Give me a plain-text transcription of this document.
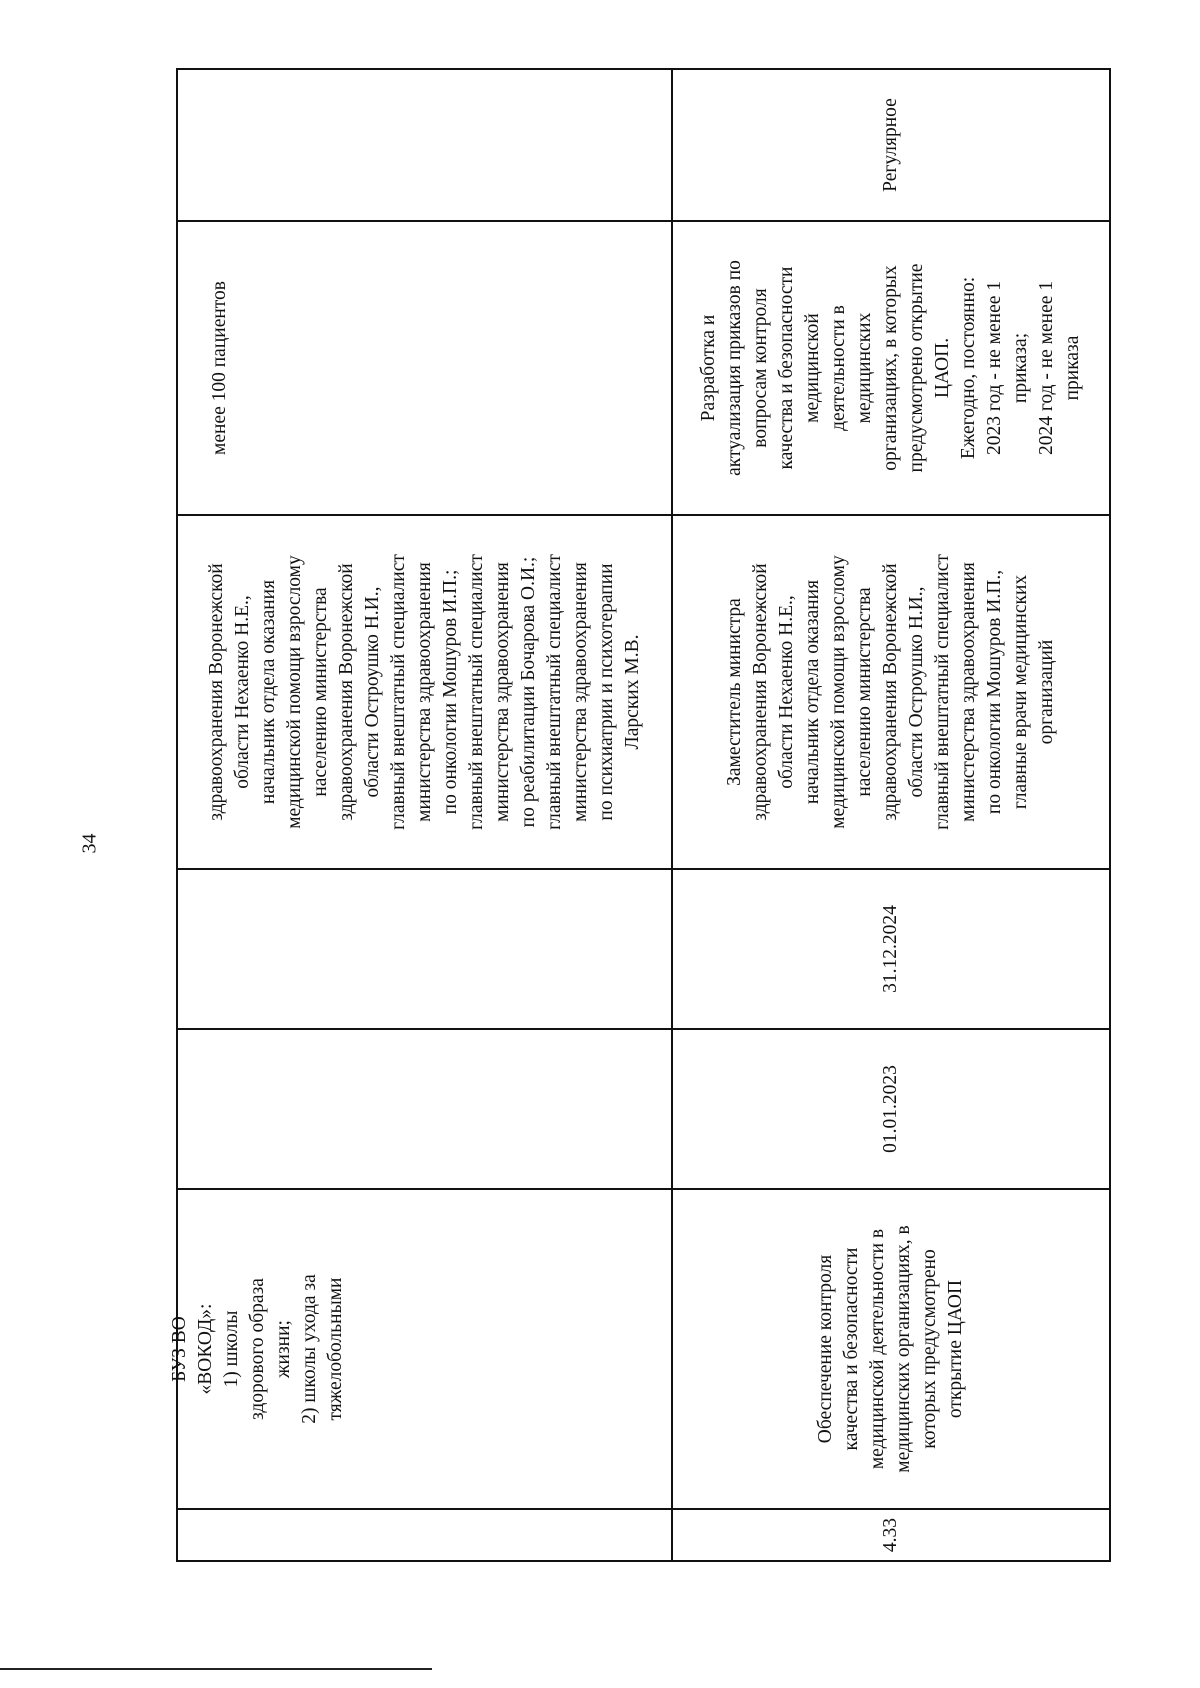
34
менее 100 пациентов
здравоохранения Воронежской
области Нехаенко Н.Е.,
начальник отдела оказания
медицинской помощи взрослому
населению министерства
здравоохранения Воронежской
области Остроушко Н.И.,
главный внештатный специалист
министерства здравоохранения
по онкологии Мошуров И.П.;
главный внештатный специалист
министерства здравоохранения
по реабилитации Бочарова О.И.;
главный внештатный специалист
министерства здравоохранения
по психиатрии и психотерапии
Ларских М.В.
БУЗ ВО «ВОКОД»:
1) школы здорового образа
жизни;
2) школы ухода за
тяжелобольными
Регулярное
Разработка и
актуализация приказов по
вопросам контроля
качества и безопасности
медицинской
деятельности в
медицинских
организациях, в которых
предусмотрено открытие
ЦАОП.
Ежегодно, постоянно:
2023 год - не менее 1
приказа;
2024 год - не менее 1
приказа
Заместитель министра
здравоохранения Воронежской
области Нехаенко Н.Е.,
начальник отдела оказания
медицинской помощи взрослому
населению министерства
здравоохранения Воронежской
области Остроушко Н.И.,
главный внештатный специалист
министерства здравоохранения
по онкологии Мошуров И.П.,
главные врачи медицинских
организаций
31.12.2024
01.01.2023
Обеспечение контроля
качества и безопасности
медицинской деятельности в
медицинских организациях, в
которых предусмотрено
открытие ЦАОП
4.33
